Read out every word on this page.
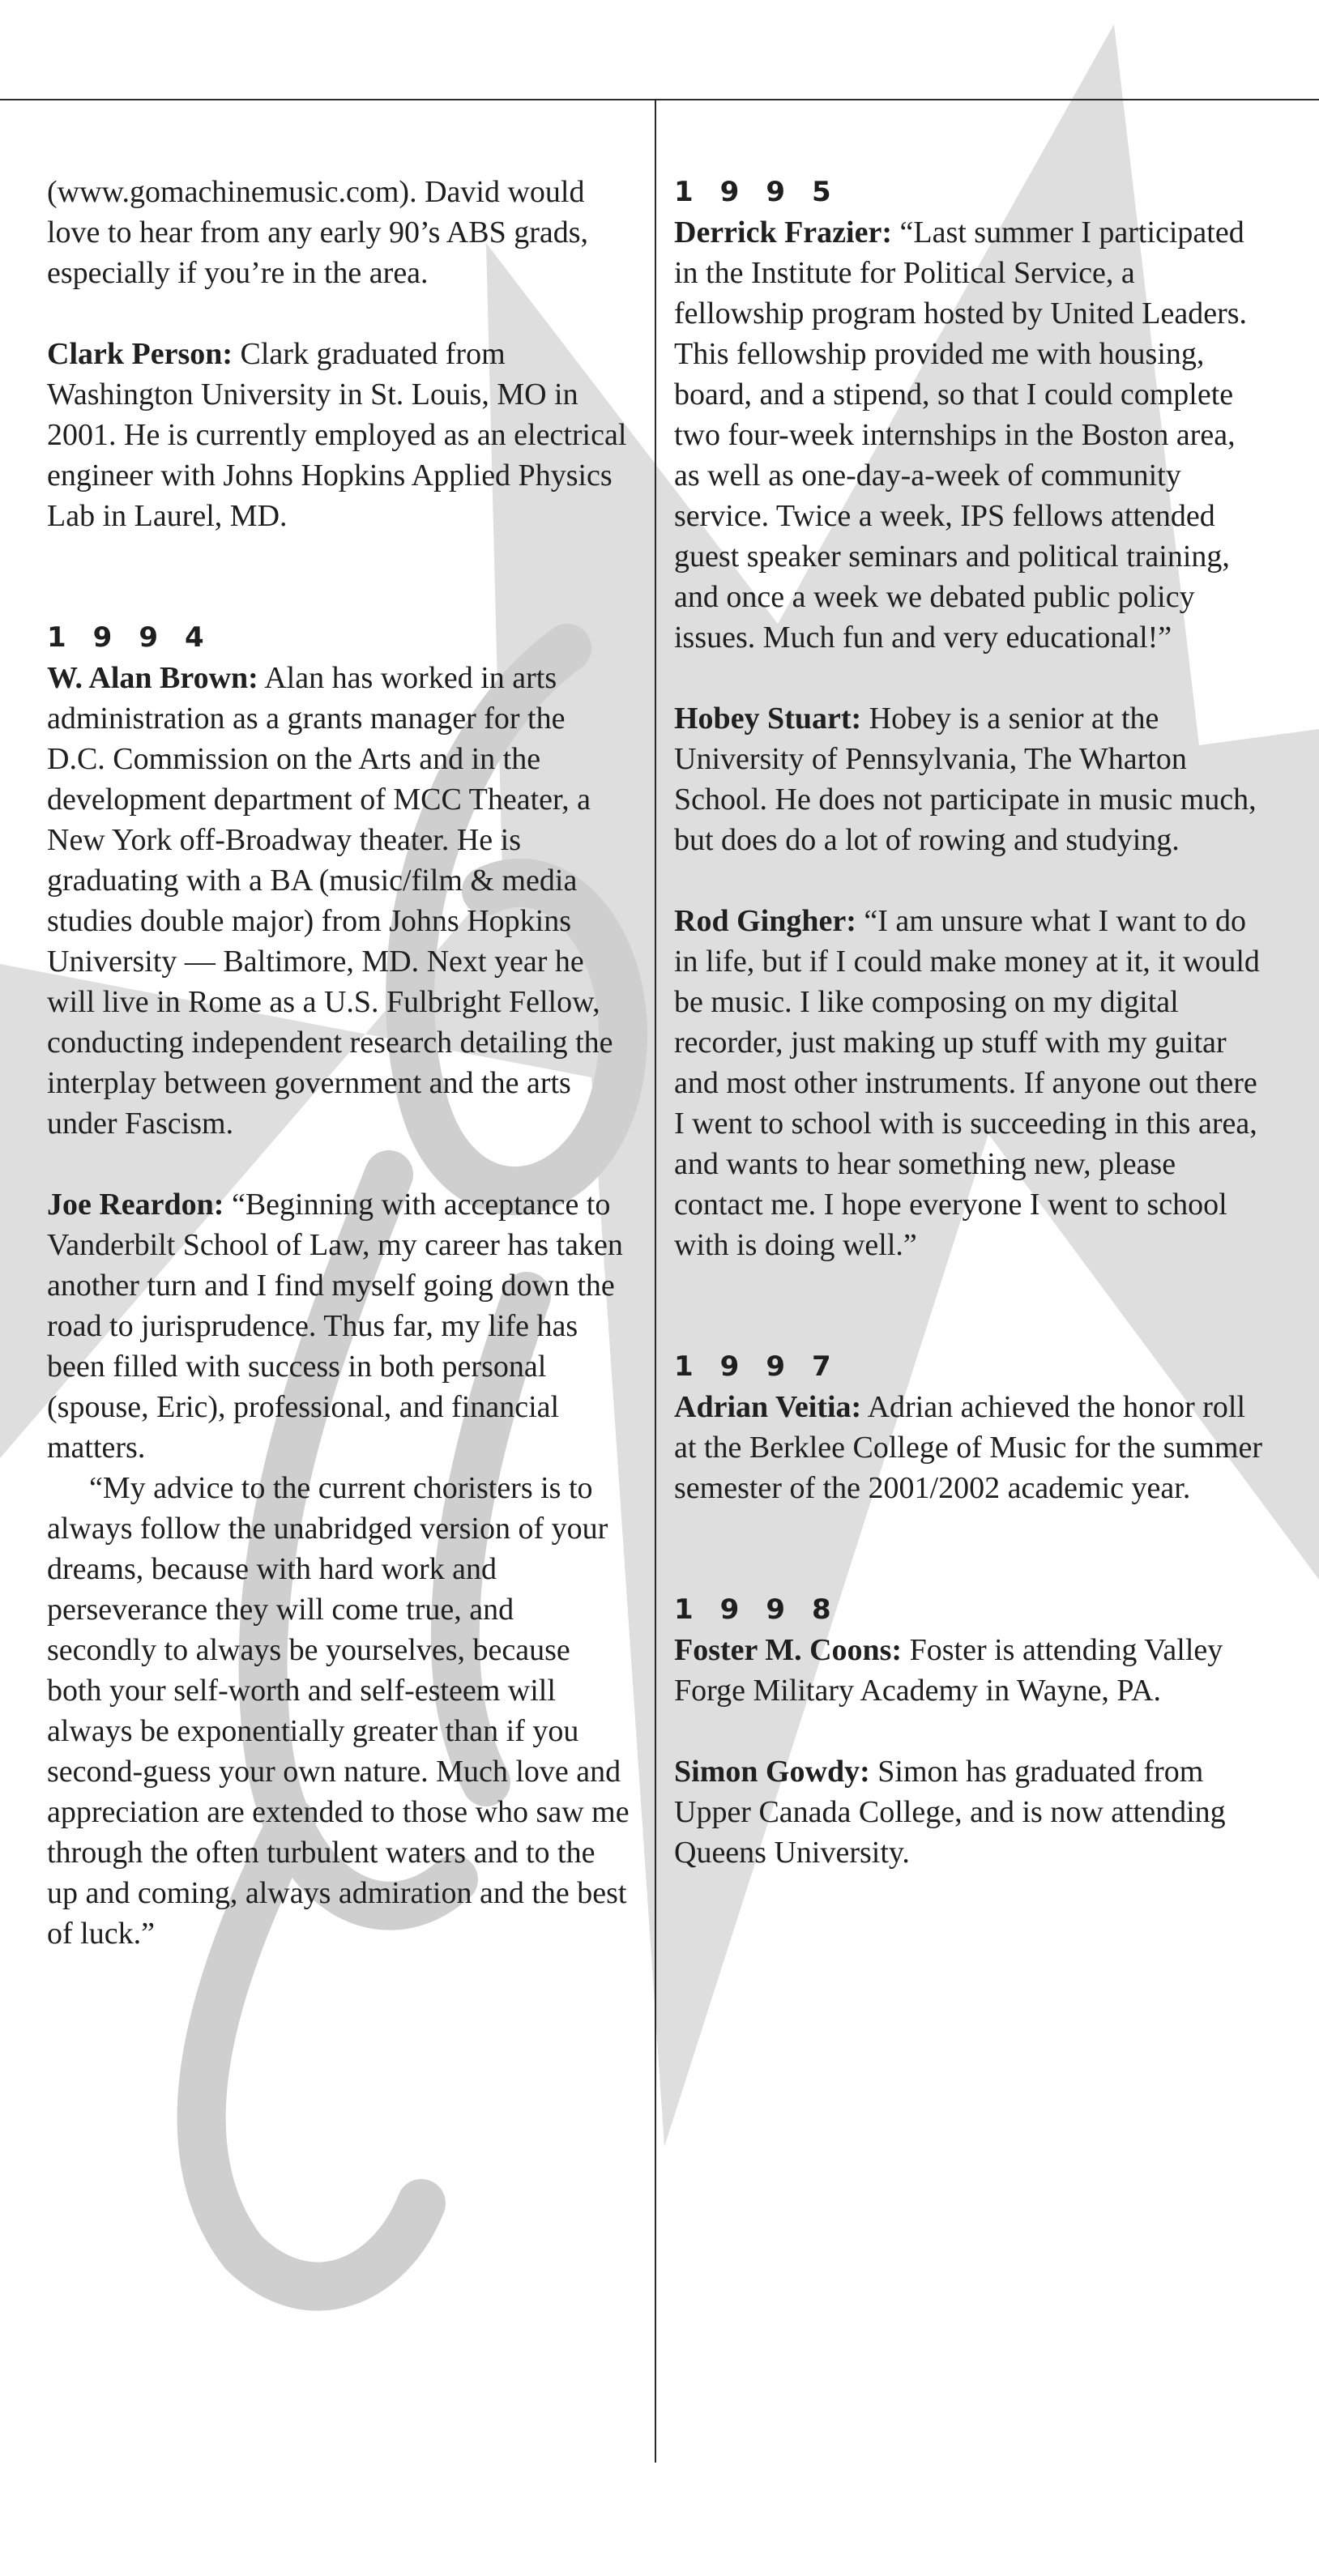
(www.gomachinemusic.com). David would love to hear from any early 90’s ABS grads, especially if you’re in the area.

Clark Person: Clark graduated from Washington University in St. Louis, MO in 2001. He is currently employed as an electrical engineer with Johns Hopkins Applied Physics Lab in Laurel, MD.

1994

W. Alan Brown: Alan has worked in arts administration as a grants manager for the D.C. Commission on the Arts and in the development department of MCC Theater, a New York off-Broadway theater. He is graduating with a BA (music/film & media studies double major) from Johns Hopkins University — Baltimore, MD. Next year he will live in Rome as a U.S. Fulbright Fellow, conducting independent research detailing the interplay between government and the arts under Fascism.

Joe Reardon: “Beginning with acceptance to Vanderbilt School of Law, my career has taken another turn and I find myself going down the road to jurisprudence. Thus far, my life has been filled with success in both personal (spouse, Eric), professional, and financial matters.

“My advice to the current choristers is to always follow the unabridged version of your dreams, because with hard work and perseverance they will come true, and secondly to always be yourselves, because both your self-worth and self-esteem will always be exponentially greater than if you second-guess your own nature. Much love and appreciation are extended to those who saw me through the often turbulent waters and to the up and coming, always admiration and the best of luck.”

1995

Derrick Frazier: “Last summer I participated in the Institute for Political Service, a fellowship program hosted by United Leaders. This fellowship provided me with housing, board, and a stipend, so that I could complete two four-week internships in the Boston area, as well as one-day-a-week of community service. Twice a week, IPS fellows attended guest speaker seminars and political training, and once a week we debated public policy issues. Much fun and very educational!”

Hobey Stuart: Hobey is a senior at the University of Pennsylvania, The Wharton School. He does not participate in music much, but does do a lot of rowing and studying.

Rod Gingher: “I am unsure what I want to do in life, but if I could make money at it, it would be music. I like composing on my digital recorder, just making up stuff with my guitar and most other instruments. If anyone out there I went to school with is succeeding in this area, and wants to hear something new, please contact me. I hope everyone I went to school with is doing well.”

1997

Adrian Veitia: Adrian achieved the honor roll at the Berklee College of Music for the summer semester of the 2001/2002 academic year.

1998

Foster M. Coons: Foster is attending Valley Forge Military Academy in Wayne, PA.

Simon Gowdy: Simon has graduated from Upper Canada College, and is now attending Queens University.
